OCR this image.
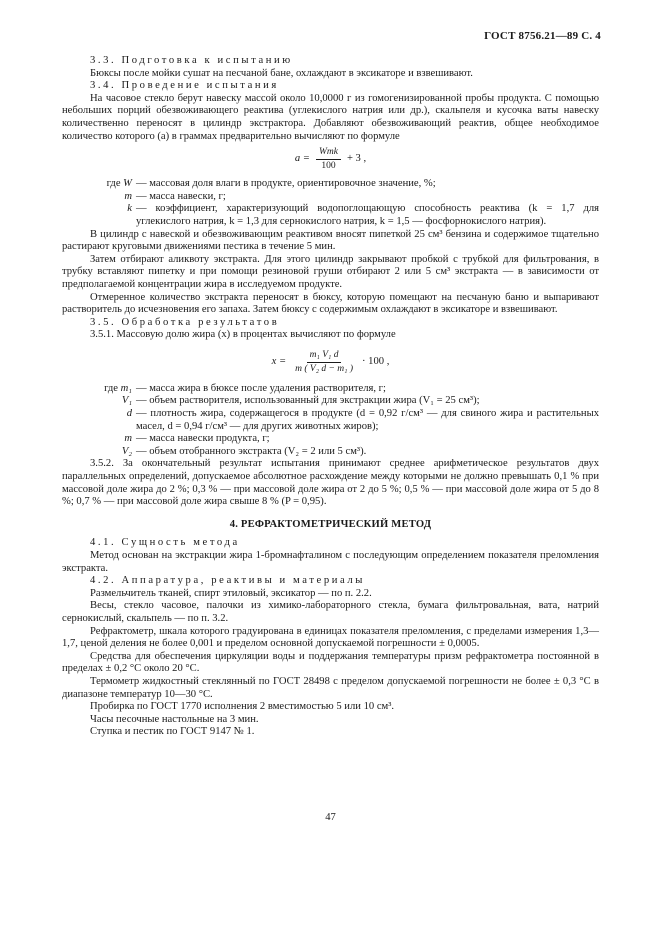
ГОСТ 8756.21—89 С. 4

3.3. Подготовка к испытанию

Бюксы после мойки сушат на песчаной бане, охлаждают в эксикаторе и взвешивают.

3.4. Проведение испытания

На часовое стекло берут навеску массой около 10,0000 г из гомогенизированной пробы продукта. С помощью небольших порций обезвоживающего реактива (углекислого натрия или др.), скальпеля и кусочка ваты навеску количественно переносят в цилиндр экстрактора. Добавляют обезвоживающий реактив, общее необходимое количество которого (a) в граммах предварительно вычисляют по формуле

$a = \frac{\text{Wmk}}{100} + 3$ ,
где W — массовая доля влаги в продукте, ориентировочное значение, %;
m — масса навески, г;
k — коэффициент, характеризующий водопоглощающую способность реактива (k = 1,7 для углекислого натрия, k = 1,3 для сернокислого натрия, k = 1,5 — фосфорнокислого натрия).

В цилиндр с навеской и обезвоживающим реактивом вносят пипеткой 25 см³ бензина и содержимое тщательно растирают круговыми движениями пестика в течение 5 мин.

Затем отбирают аликвоту экстракта. Для этого цилиндр закрывают пробкой с трубкой для фильтрования, в трубку вставляют пипетку и при помощи резиновой груши отбирают 2 или 5 см³ экстракта — в зависимости от предполагаемой концентрации жира в исследуемом продукте.

Отмеренное количество экстракта переносят в бюксу, которую помещают на песчаную баню и выпаривают растворитель до исчезновения его запаха. Затем бюксу с содержимым охлаждают в эксикаторе и взвешивают.

3.5. Обработка результатов

3.5.1. Массовую долю жира (x) в процентах вычисляют по формуле

$x = \frac{\text{m₁ V₁ d}}{\text{m ( V₂ d − m₁ )}} \cdot 100$ ,
где m₁ — масса жира в бюксе после удаления растворителя, г;
V₁ — объем растворителя, использованный для экстракции жира (V₁ = 25 см³);
d — плотность жира, содержащегося в продукте (d = 0,92 г/см³ — для свиного жира и растительных масел, d = 0,94 г/см³ — для других животных жиров);
m — масса навески продукта, г;
V₂ — объем отобранного экстракта (V₂ = 2 или 5 см³).

3.5.2. За окончательный результат испытания принимают среднее арифметическое результатов двух параллельных определений, допускаемое абсолютное расхождение между которыми не должно превышать 0,1 % при массовой доле жира до 2 %; 0,3 % — при массовой доле жира от 2 до 5 %; 0,5 % — при массовой доле жира от 5 до 8 %; 0,7 % — при массовой доле жира свыше 8 % (P = 0,95).

4. РЕФРАКТОМЕТРИЧЕСКИЙ МЕТОД

4.1. Сущность метода

Метод основан на экстракции жира 1-бромнафталином с последующим определением показателя преломления экстракта.

4.2. Аппаратура, реактивы и материалы

Размельчитель тканей, спирт этиловый, эксикатор — по п. 2.2.

Весы, стекло часовое, палочки из химико-лабораторного стекла, бумага фильтровальная, вата, натрий сернокислый, скальпель — по п. 3.2.

Рефрактометр, шкала которого градуирована в единицах показателя преломления, с пределами измерения 1,3—1,7, ценой деления не более 0,001 и пределом основной допускаемой погрешности ± 0,0005.

Средства для обеспечения циркуляции воды и поддержания температуры призм рефрактометра постоянной в пределах ± 0,2 °С около 20 °С.

Термометр жидкостный стеклянный по ГОСТ 28498 с пределом допускаемой погрешности не более ± 0,3 °С в диапазоне температур 10—30 °С.

Пробирка по ГОСТ 1770 исполнения 2 вместимостью 5 или 10 см³.

Часы песочные настольные на 3 мин.

Ступка и пестик по ГОСТ 9147 № 1.

47
